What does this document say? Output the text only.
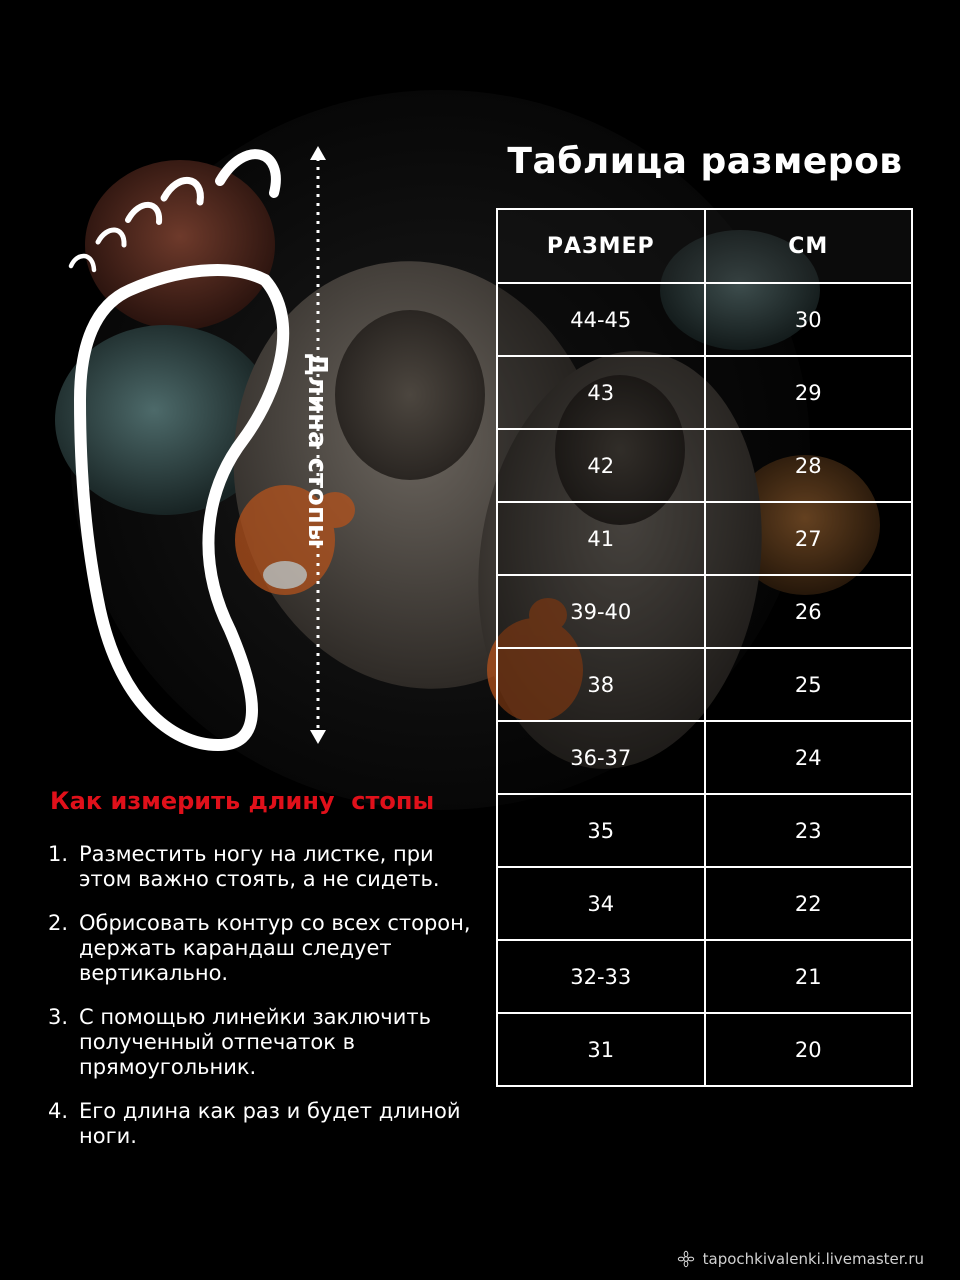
Длина стопы
Таблица размеров
РАЗМЕР	СМ
44-45	30
43	29
42	28
41	27
39-40	26
38	25
36-37	24
35	23
34	22
32-33	21
31	20
Как измерить длину  стопы
1. Разместить ногу на листке, при этом важно стоять, а не сидеть.
2. Обрисовать контур со всех сторон, держать карандаш следует вертикально.
3. С помощью линейки заключить полученный отпечаток в прямоугольник.
4. Его длина как раз и будет длиной ноги.
tapochkivalenki.livemaster.ru
